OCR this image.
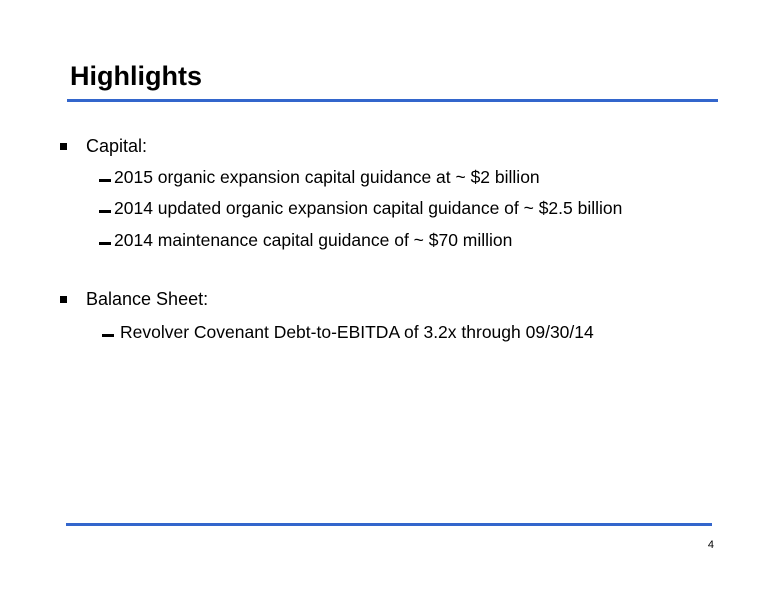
Highlights
Capital:
2015 organic expansion capital guidance at ~ $2 billion
2014 updated organic expansion capital guidance of ~ $2.5 billion
2014 maintenance capital guidance of ~ $70 million
Balance Sheet:
Revolver Covenant Debt-to-EBITDA of 3.2x through 09/30/14
4
